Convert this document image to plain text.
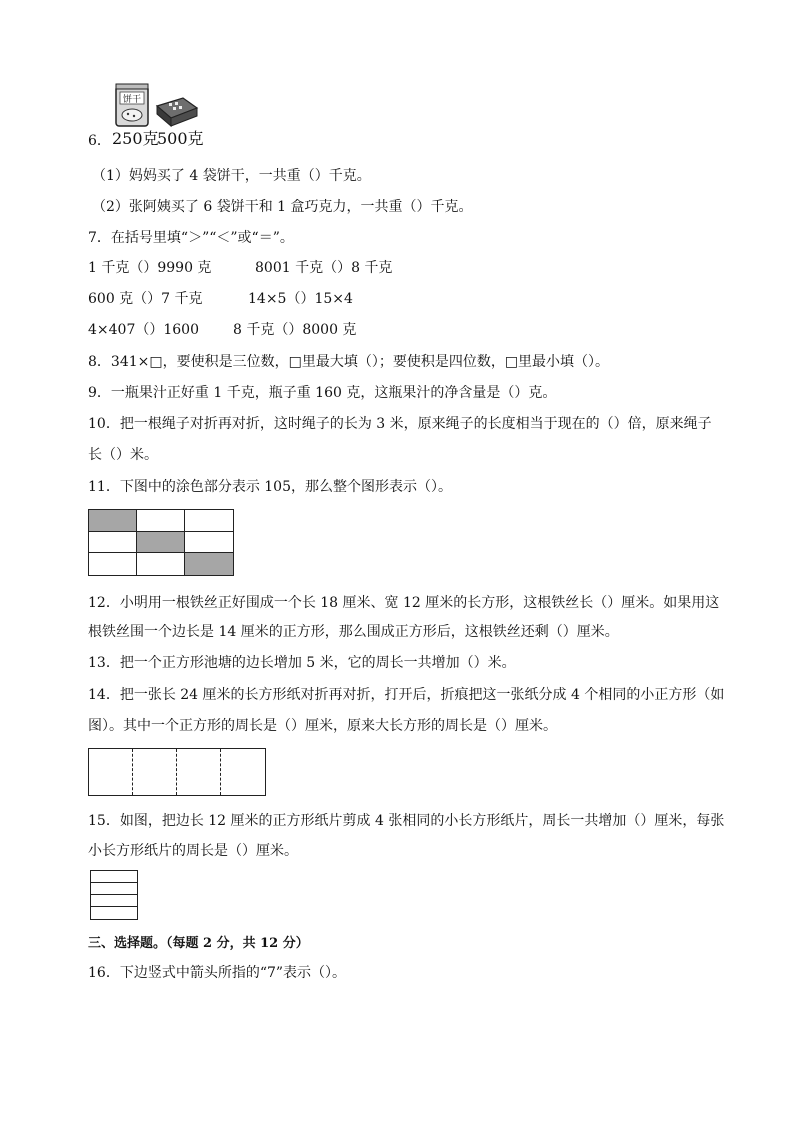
饼干
6． 250克
500克
（1）妈妈买了 4 袋饼干，一共重（）千克。
（2）张阿姨买了 6 袋饼干和 1 盒巧克力，一共重（）千克。
7．在括号里填“＞”“＜”或“＝”。
1 千克（）9990 克	8001 千克（）8 千克
600 克（）7 千克	14×5（）15×4
4×407（）1600 8 千克（）8000 克
8．341×□，要使积是三位数，□里最大填（）；要使积是四位数，□里最小填（）。
9．一瓶果汁正好重 1 千克，瓶子重 160 克，这瓶果汁的净含量是（）克。
10．把一根绳子对折再对折，这时绳子的长为 3 米，原来绳子的长度相当于现在的（）倍，原来绳子
长（）米。
11．下图中的涂色部分表示 105，那么整个图形表示（）。
12．小明用一根铁丝正好围成一个长 18 厘米、宽 12 厘米的长方形，这根铁丝长（）厘米。如果用这
根铁丝围一个边长是 14 厘米的正方形，那么围成正方形后，这根铁丝还剩（）厘米。
13．把一个正方形池塘的边长增加 5 米，它的周长一共增加（）米。
14．把一张长 24 厘米的长方形纸对折再对折，打开后，折痕把这一张纸分成 4 个相同的小正方形（如
图）。其中一个正方形的周长是（）厘米，原来大长方形的周长是（）厘米。
15．如图，把边长 12 厘米的正方形纸片剪成 4 张相同的小长方形纸片，周长一共增加（）厘米，每张
小长方形纸片的周长是（）厘米。
三、选择题。（每题 2 分，共 12 分）
16．下边竖式中箭头所指的“7”表示（）。
